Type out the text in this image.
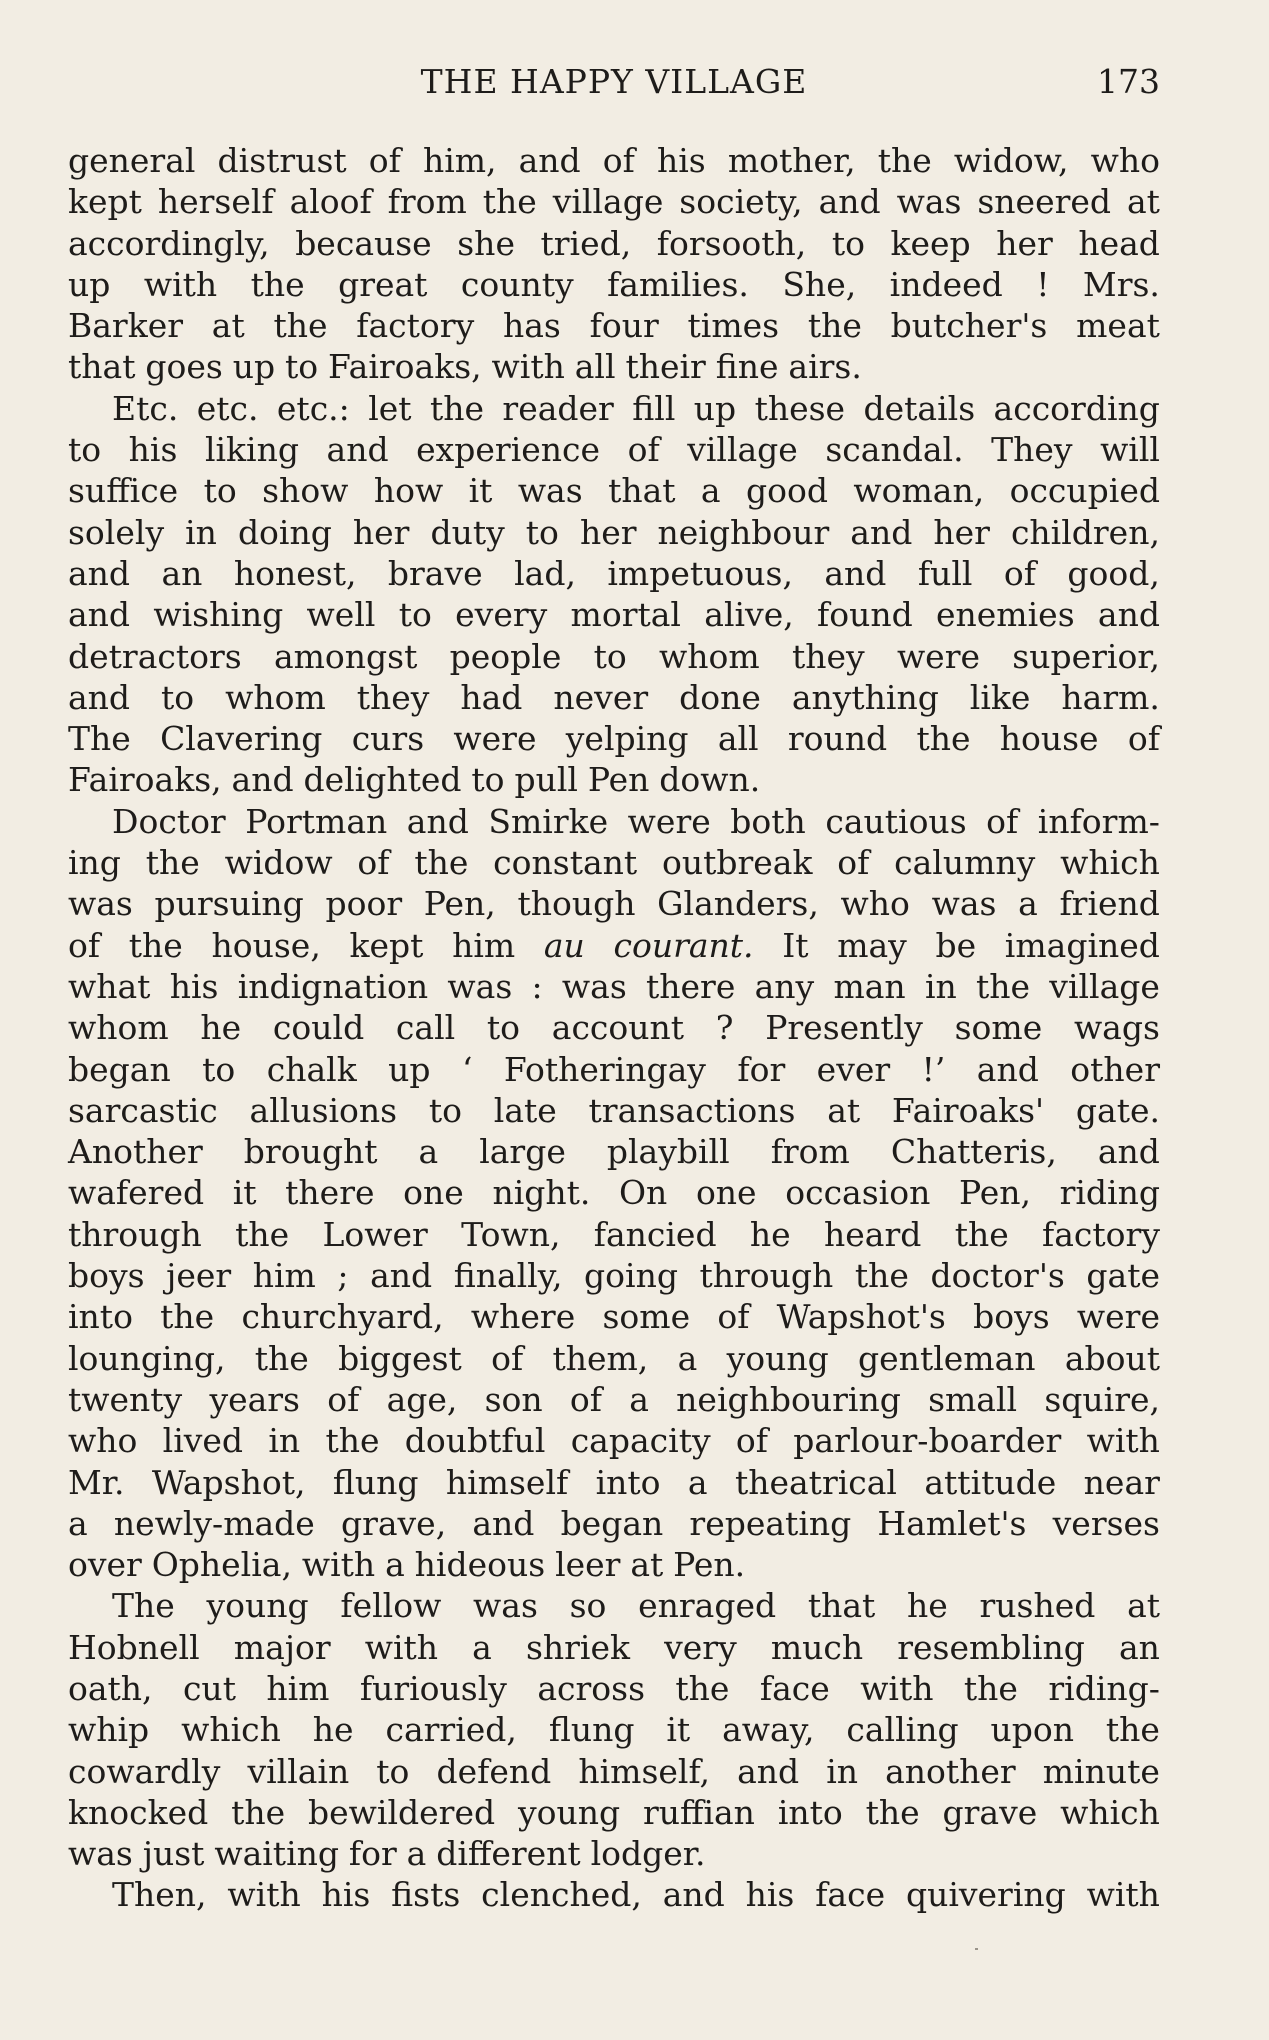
THE HAPPY VILLAGE	173
general distrust of him, and of his mother, the widow, who
kept herself aloof from the village society, and was sneered at
accordingly, because she tried, forsooth, to keep her head
up with the great county families. She, indeed ! Mrs.
Barker at the factory has four times the butcher's meat
that goes up to Fairoaks, with all their fine airs.
Etc. etc. etc.: let the reader fill up these details according
to his liking and experience of village scandal. They will
suffice to show how it was that a good woman, occupied
solely in doing her duty to her neighbour and her children,
and an honest, brave lad, impetuous, and full of good,
and wishing well to every mortal alive, found enemies and
detractors amongst people to whom they were superior,
and to whom they had never done anything like harm.
The Clavering curs were yelping all round the house of
Fairoaks, and delighted to pull Pen down.
Doctor Portman and Smirke were both cautious of inform-
ing the widow of the constant outbreak of calumny which
was pursuing poor Pen, though Glanders, who was a friend
of the house, kept him au courant. It may be imagined
what his indignation was : was there any man in the village
whom he could call to account ? Presently some wags
began to chalk up ‘ Fotheringay for ever !’ and other
sarcastic allusions to late transactions at Fairoaks' gate.
Another brought a large playbill from Chatteris, and
wafered it there one night. On one occasion Pen, riding
through the Lower Town, fancied he heard the factory
boys jeer him ; and finally, going through the doctor's gate
into the churchyard, where some of Wapshot's boys were
lounging, the biggest of them, a young gentleman about
twenty years of age, son of a neighbouring small squire,
who lived in the doubtful capacity of parlour-boarder with
Mr. Wapshot, flung himself into a theatrical attitude near
a newly-made grave, and began repeating Hamlet's verses
over Ophelia, with a hideous leer at Pen.
The young fellow was so enraged that he rushed at
Hobnell major with a shriek very much resembling an
oath, cut him furiously across the face with the riding-
whip which he carried, flung it away, calling upon the
cowardly villain to defend himself, and in another minute
knocked the bewildered young ruffian into the grave which
was just waiting for a different lodger.
Then, with his fists clenched, and his face quivering with
